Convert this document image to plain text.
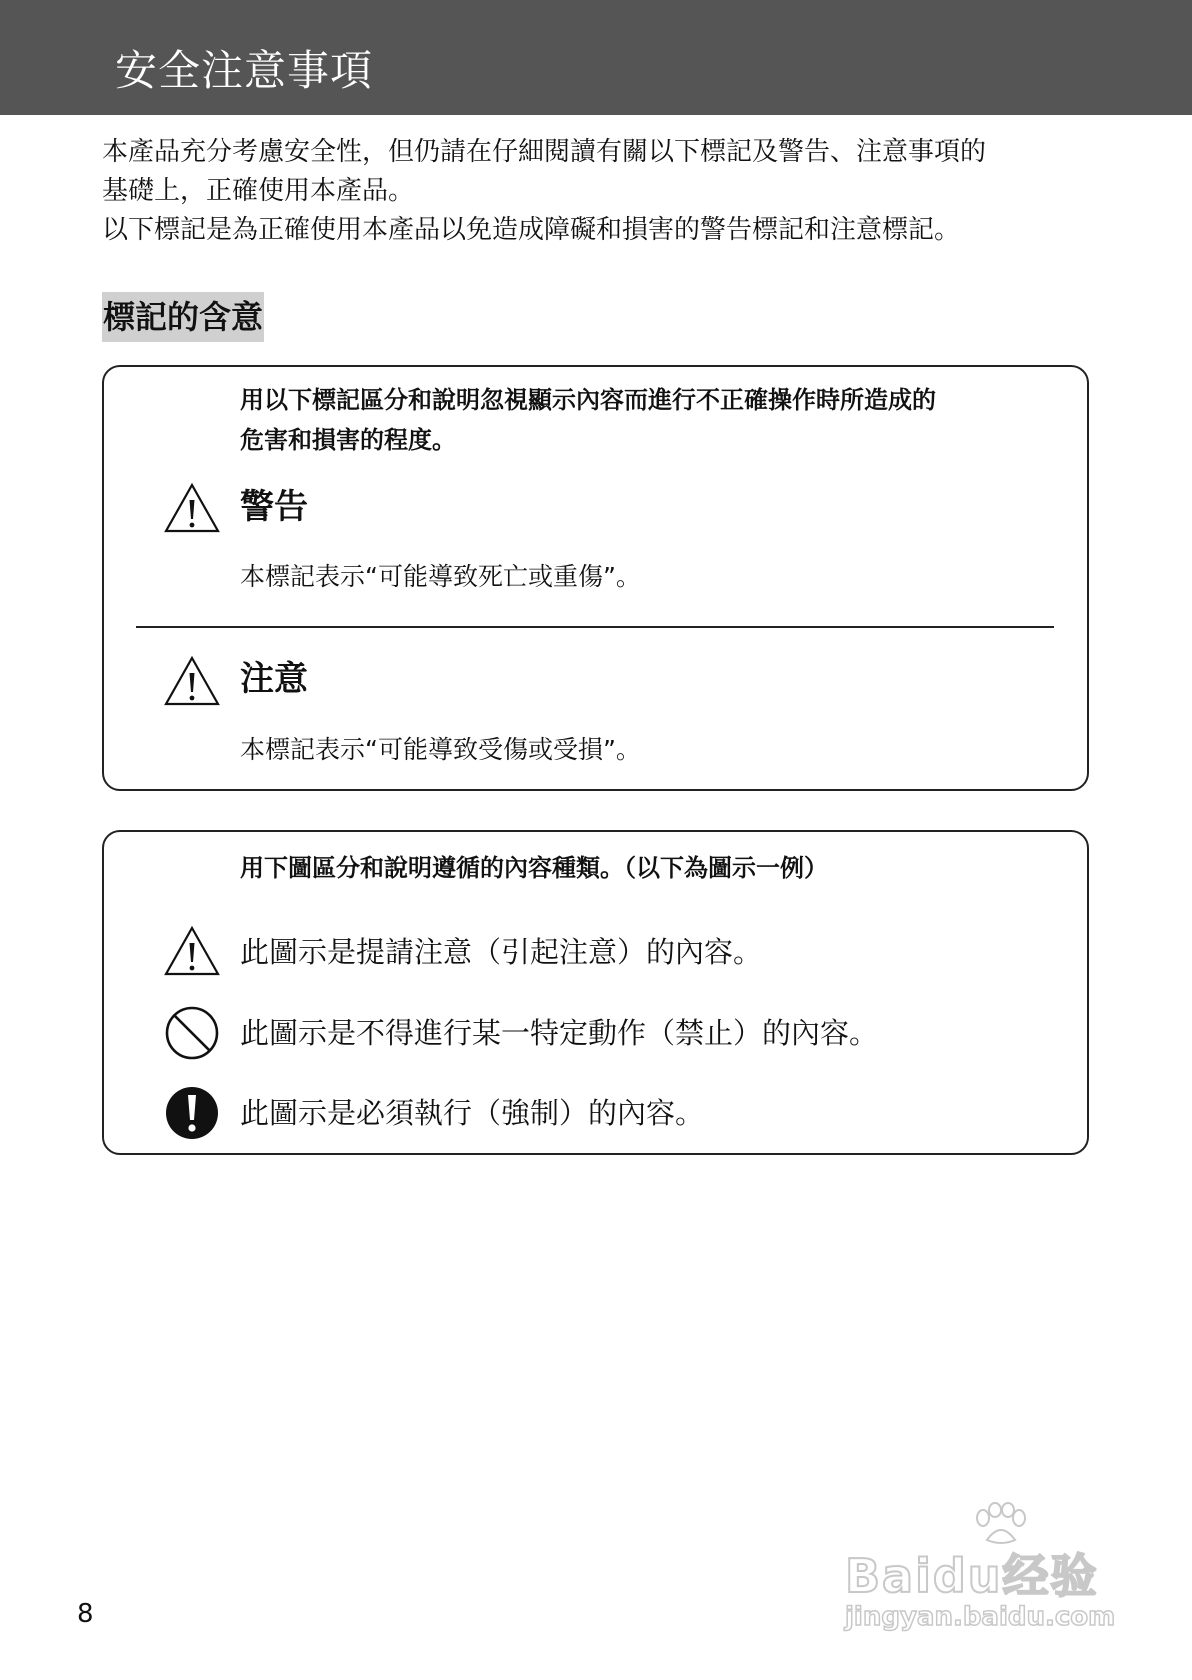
安全注意事項

本產品充分考慮安全性，但仍請在仔細閱讀有關以下標記及警告、注意事項的

基礎上，正確使用本產品。

以下標記是為正確使用本產品以免造成障礙和損害的警告標記和注意標記。

標記的含意
用以下標記區分和說明忽視顯示內容而進行不正確操作時所造成的
危害和損害的程度。
警告
本標記表示“可能導致死亡或重傷”。
注意
本標記表示“可能導致受傷或受損”。
用下圖區分和說明遵循的內容種類。（以下為圖示一例）
此圖示是提請注意（引起注意）的內容。
此圖示是不得進行某一特定動作（禁止）的內容。
此圖示是必須執行（強制）的內容。
8
Baidu经验
jingyan.baidu.com
